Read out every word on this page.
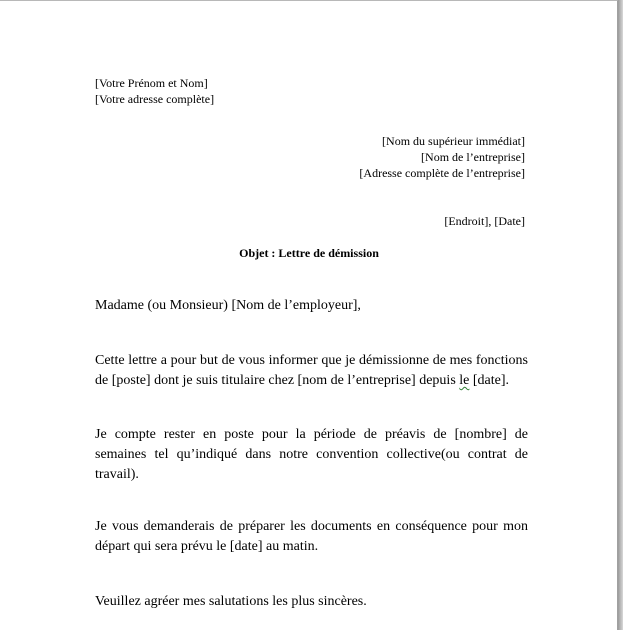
[Votre Prénom et Nom]
[Votre adresse complète]
[Nom du supérieur immédiat]
[Nom de l’entreprise]
[Adresse complète de l’entreprise]
[Endroit], [Date]
Objet : Lettre de démission
Madame (ou Monsieur) [Nom de l’employeur],
Cette lettre a pour but de vous informer que je démissionne de mes fonctions
de [poste] dont je suis titulaire chez [nom de l’entreprise] depuis le [date].
Je compte rester en poste pour la période de préavis de [nombre] de
semaines tel qu’indiqué dans notre convention collective(ou contrat de
travail).
Je vous demanderais de préparer les documents en conséquence pour mon
départ qui sera prévu le [date] au matin.
Veuillez agréer mes salutations les plus sincères.
